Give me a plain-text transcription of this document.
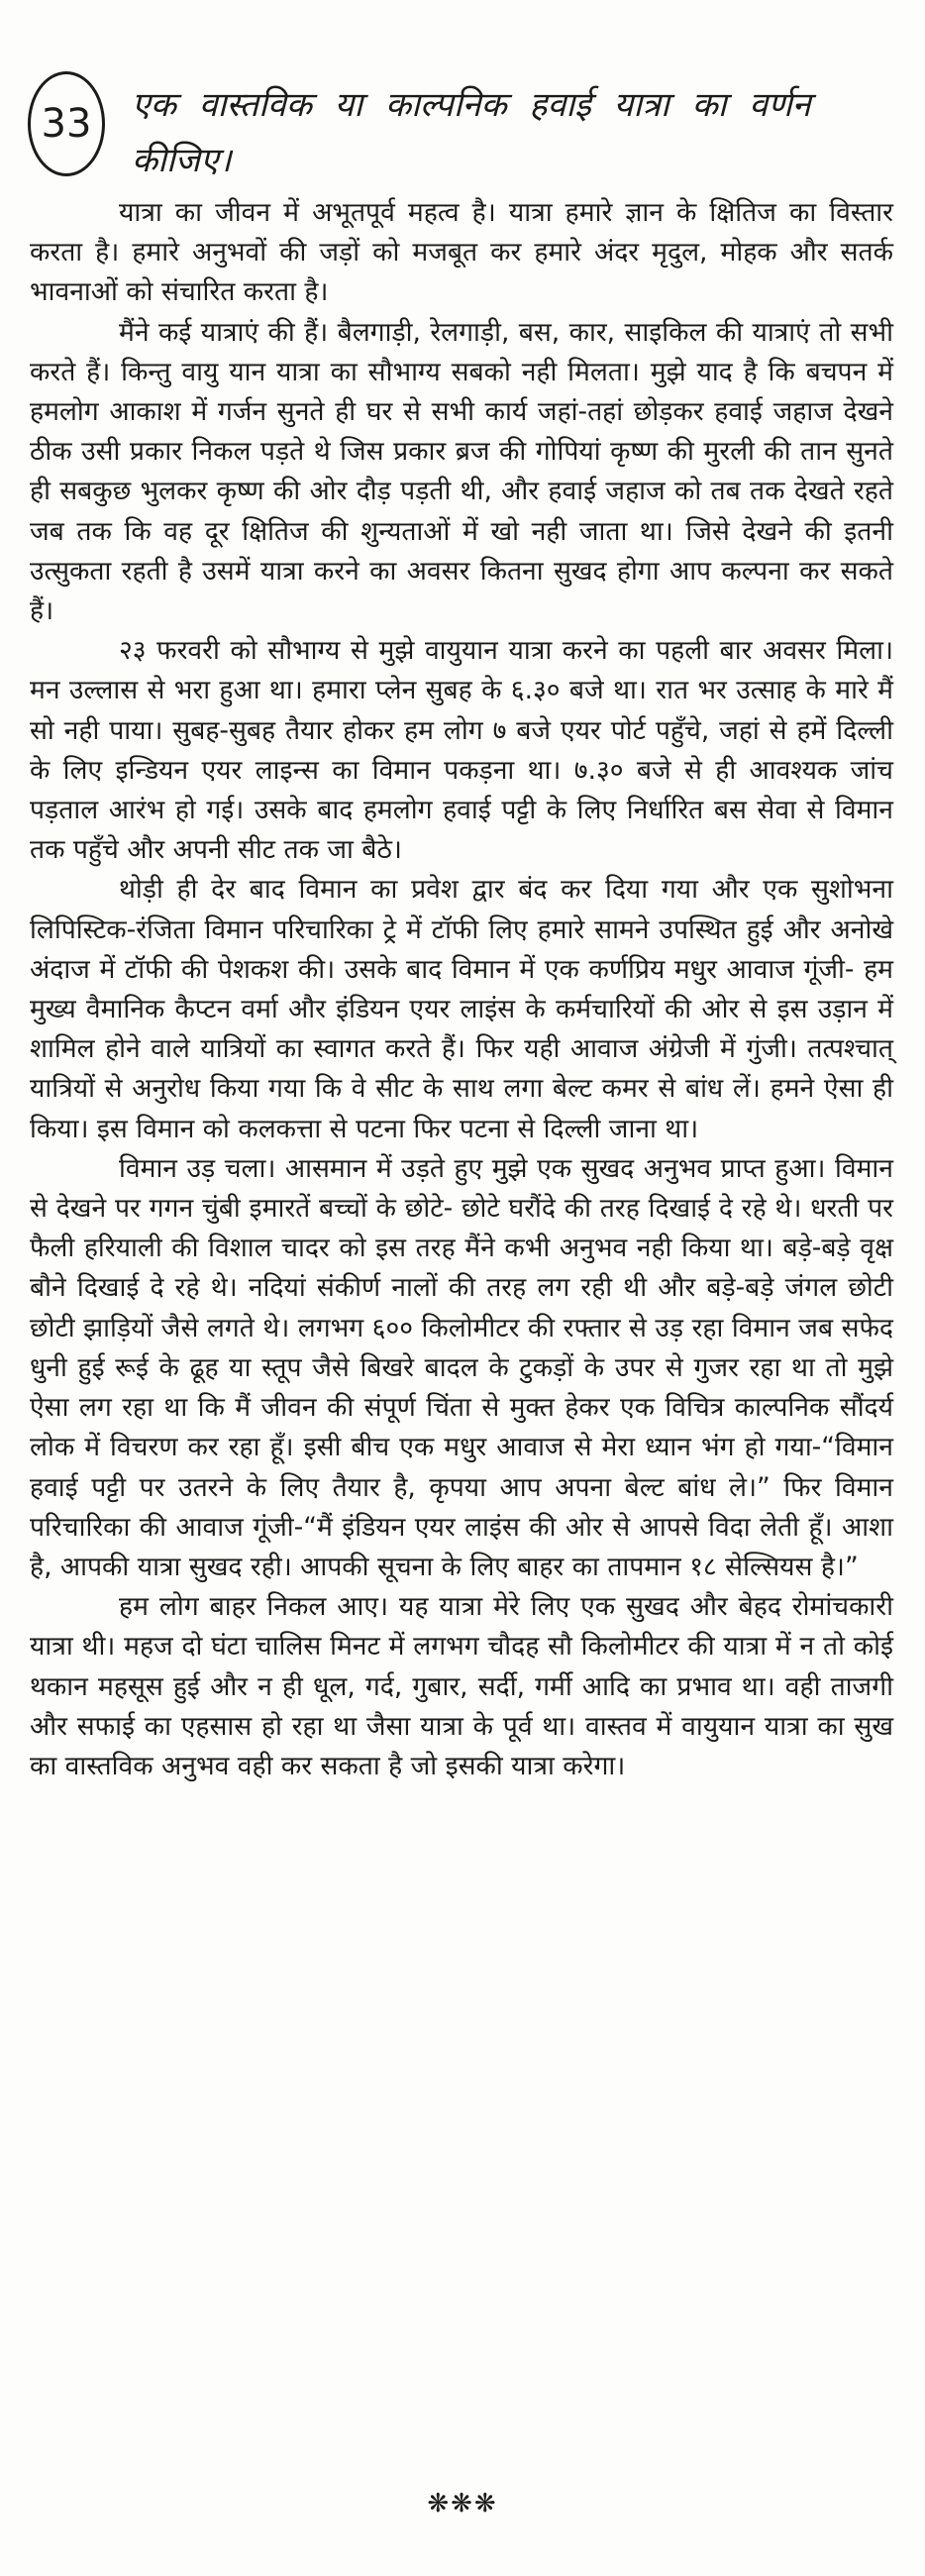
33 एक वास्तविक या काल्पनिक हवाई यात्रा का वर्णन कीजिए।

यात्रा का जीवन में अभूतपूर्व महत्व है। यात्रा हमारे ज्ञान के क्षितिज का विस्तार करता है। हमारे अनुभवों की जड़ों को मजबूत कर हमारे अंदर मृदुल, मोहक और सतर्क भावनाओं को संचारित करता है।

मैंने कई यात्राएं की हैं। बैलगाड़ी, रेलगाड़ी, बस, कार, साइकिल की यात्राएं तो सभी करते हैं। किन्तु वायु यान यात्रा का सौभाग्य सबको नही मिलता। मुझे याद है कि बचपन में हमलोग आकाश में गर्जन सुनते ही घर से सभी कार्य जहां-तहां छोड़कर हवाई जहाज देखने ठीक उसी प्रकार निकल पड़ते थे जिस प्रकार ब्रज की गोपियां कृष्ण की मुरली की तान सुनते ही सबकुछ भुलकर कृष्ण की ओर दौड़ पड़ती थी, और हवाई जहाज को तब तक देखते रहते जब तक कि वह दूर क्षितिज की शुन्यताओं में खो नही जाता था। जिसे देखने की इतनी उत्सुकता रहती है उसमें यात्रा करने का अवसर कितना सुखद होगा आप कल्पना कर सकते हैं।

२३ फरवरी को सौभाग्य से मुझे वायुयान यात्रा करने का पहली बार अवसर मिला। मन उल्लास से भरा हुआ था। हमारा प्लेन सुबह के ६.३० बजे था। रात भर उत्साह के मारे मैं सो नही पाया। सुबह-सुबह तैयार होकर हम लोग ७ बजे एयर पोर्ट पहुँचे, जहां से हमें दिल्ली के लिए इन्डियन एयर लाइन्स का विमान पकड़ना था। ७.३० बजे से ही आवश्यक जांच पड़ताल आरंभ हो गई। उसके बाद हमलोग हवाई पट्टी के लिए निर्धारित बस सेवा से विमान तक पहुँचे और अपनी सीट तक जा बैठे।

थोड़ी ही देर बाद विमान का प्रवेश द्वार बंद कर दिया गया और एक सुशोभना लिपिस्टिक-रंजिता विमान परिचारिका ट्रे में टॉफी लिए हमारे सामने उपस्थित हुई और अनोखे अंदाज में टॉफी की पेशकश की। उसके बाद विमान में एक कर्णप्रिय मधुर आवाज गूंजी- हम मुख्य वैमानिक कैप्टन वर्मा और इंडियन एयर लाइंस के कर्मचारियों की ओर से इस उड़ान में शामिल होने वाले यात्रियों का स्वागत करते हैं। फिर यही आवाज अंग्रेजी में गुंजी। तत्पश्चात् यात्रियों से अनुरोध किया गया कि वे सीट के साथ लगा बेल्ट कमर से बांध लें। हमने ऐसा ही किया। इस विमान को कलकत्ता से पटना फिर पटना से दिल्ली जाना था।

विमान उड़ चला। आसमान में उड़ते हुए मुझे एक सुखद अनुभव प्राप्त हुआ। विमान से देखने पर गगन चुंबी इमारतें बच्चों के छोटे- छोटे घरौंदे की तरह दिखाई दे रहे थे। धरती पर फैली हरियाली की विशाल चादर को इस तरह मैंने कभी अनुभव नही किया था। बड़े-बड़े वृक्ष बौने दिखाई दे रहे थे। नदियां संकीर्ण नालों की तरह लग रही थी और बड़े-बड़े जंगल छोटी छोटी झाड़ियों जैसे लगते थे। लगभग ६०० किलोमीटर की रफ्तार से उड़ रहा विमान जब सफेद धुनी हुई रूई के ढूह या स्तूप जैसे बिखरे बादल के टुकड़ों के उपर से गुजर रहा था तो मुझे ऐसा लग रहा था कि मैं जीवन की संपूर्ण चिंता से मुक्त हेकर एक विचित्र काल्पनिक सौंदर्य लोक में विचरण कर रहा हूँ। इसी बीच एक मधुर आवाज से मेरा ध्यान भंग हो गया-“विमान हवाई पट्टी पर उतरने के लिए तैयार है, कृपया आप अपना बेल्ट बांध ले।” फिर विमान परिचारिका की आवाज गूंजी-“मैं इंडियन एयर लाइंस की ओर से आपसे विदा लेती हूँ। आशा है, आपकी यात्रा सुखद रही। आपकी सूचना के लिए बाहर का तापमान १८ सेल्सियस है।”

हम लोग बाहर निकल आए। यह यात्रा मेरे लिए एक सुखद और बेहद रोमांचकारी यात्रा थी। महज दो घंटा चालिस मिनट में लगभग चौदह सौ किलोमीटर की यात्रा में न तो कोई थकान महसूस हुई और न ही धूल, गर्द, गुबार, सर्दी, गर्मी आदि का प्रभाव था। वही ताजगी और सफाई का एहसास हो रहा था जैसा यात्रा के पूर्व था। वास्तव में वायुयान यात्रा का सुख का वास्तविक अनुभव वही कर सकता है जो इसकी यात्रा करेगा।

❋❋❋
